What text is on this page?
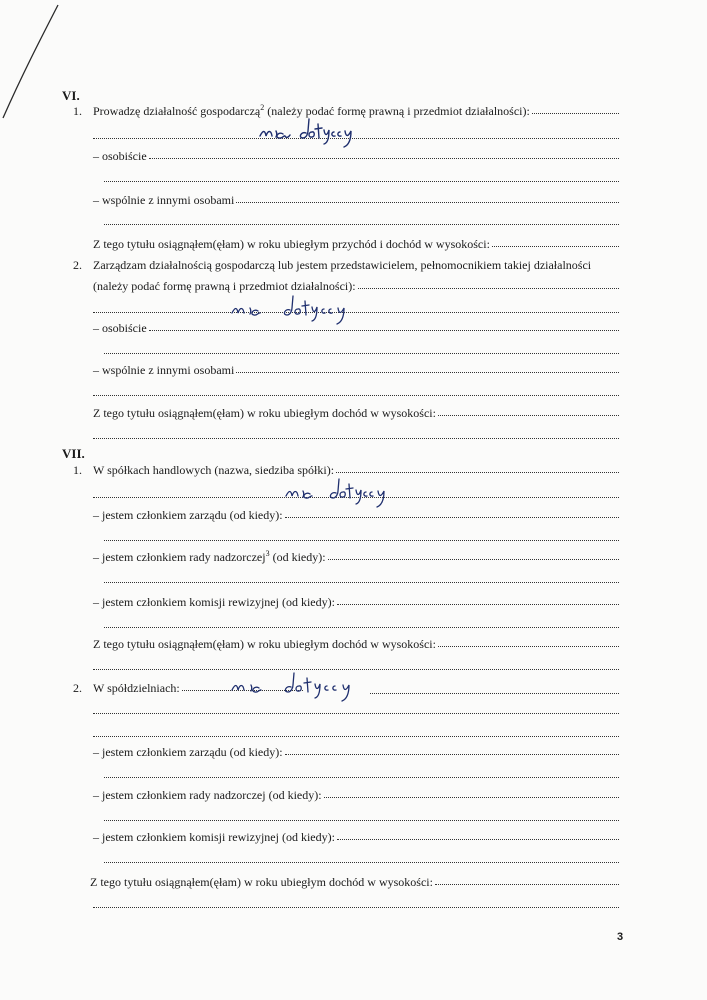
VI.
1. Prowadzę działalność gospodarczą$^2$ (należy podać formę prawną i przedmiot działalności):
– osobiście
– wspólnie z innymi osobami
Z tego tytułu osiągnąłem(ęłam) w roku ubiegłym przychód i dochód w wysokości:
2. Zarządzam działalnością gospodarczą lub jestem przedstawicielem, pełnomocnikiem takiej działalności
(należy podać formę prawną i przedmiot działalności):
– osobiście
– wspólnie z innymi osobami
Z tego tytułu osiągnąłem(ęłam) w roku ubiegłym dochód w wysokości:
VII.
1. W spółkach handlowych (nazwa, siedziba spółki):
– jestem członkiem zarządu (od kiedy):
– jestem członkiem rady nadzorczej$^3$ (od kiedy):
– jestem członkiem komisji rewizyjnej (od kiedy):
Z tego tytułu osiągnąłem(ęłam) w roku ubiegłym dochód w wysokości:
2. W spółdzielniach:
– jestem członkiem zarządu (od kiedy):
– jestem członkiem rady nadzorczej (od kiedy):
– jestem członkiem komisji rewizyjnej (od kiedy):
Z tego tytułu osiągnąłem(ęłam) w roku ubiegłym dochód w wysokości:
3
